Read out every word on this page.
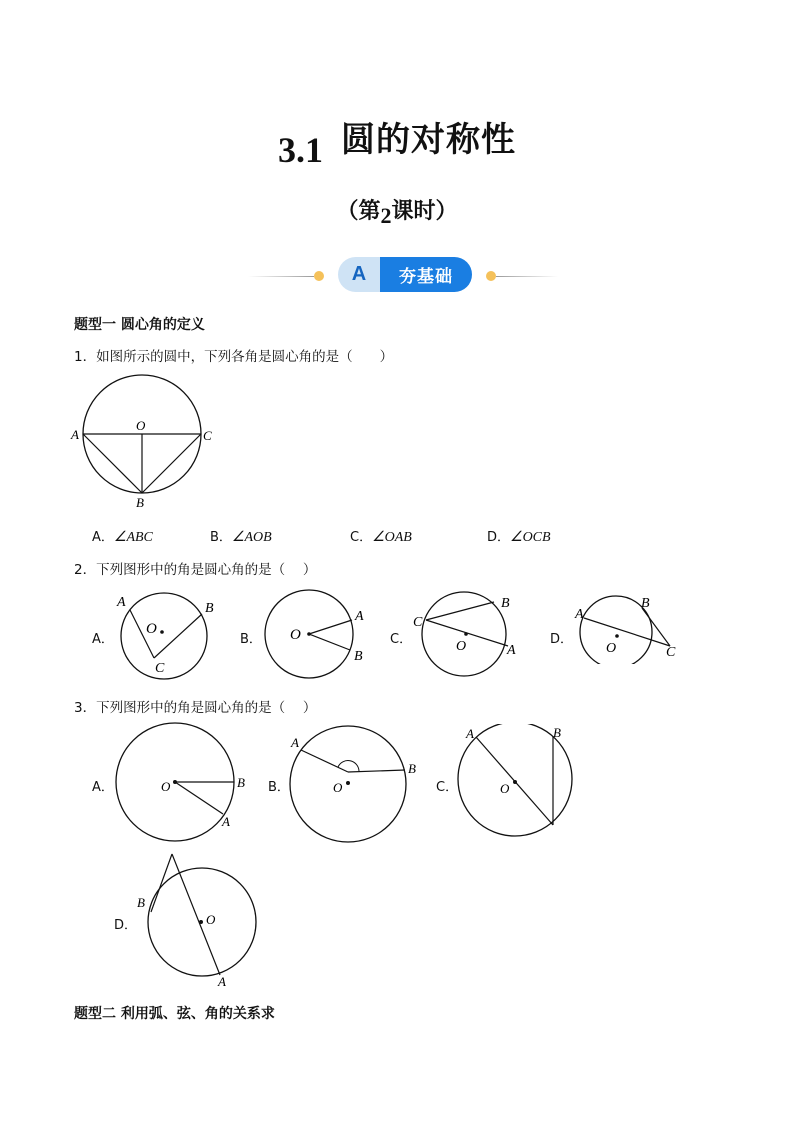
3.1 圆的对称性
（第2课时）
A	夯基础
题型一 圆心角的定义
1．如图所示的圆中，下列各角是圆心角的是（　　）
O
A	C
B
A．∠ABC	B．∠AOB	C．∠OAB	D．∠OCB
2．下列图形中的角是圆心角的是（　 ）
A．
O
A	B
C
B． O
A
B
C．	O
C
B
A
D．
O
A
B
C
3．下列图形中的角是圆心角的是（　 ）
A．	O	B
A
B．	O
A
B
C．	O
A	B
D．	O
B
A
题型二 利用弧、弦、角的关系求
